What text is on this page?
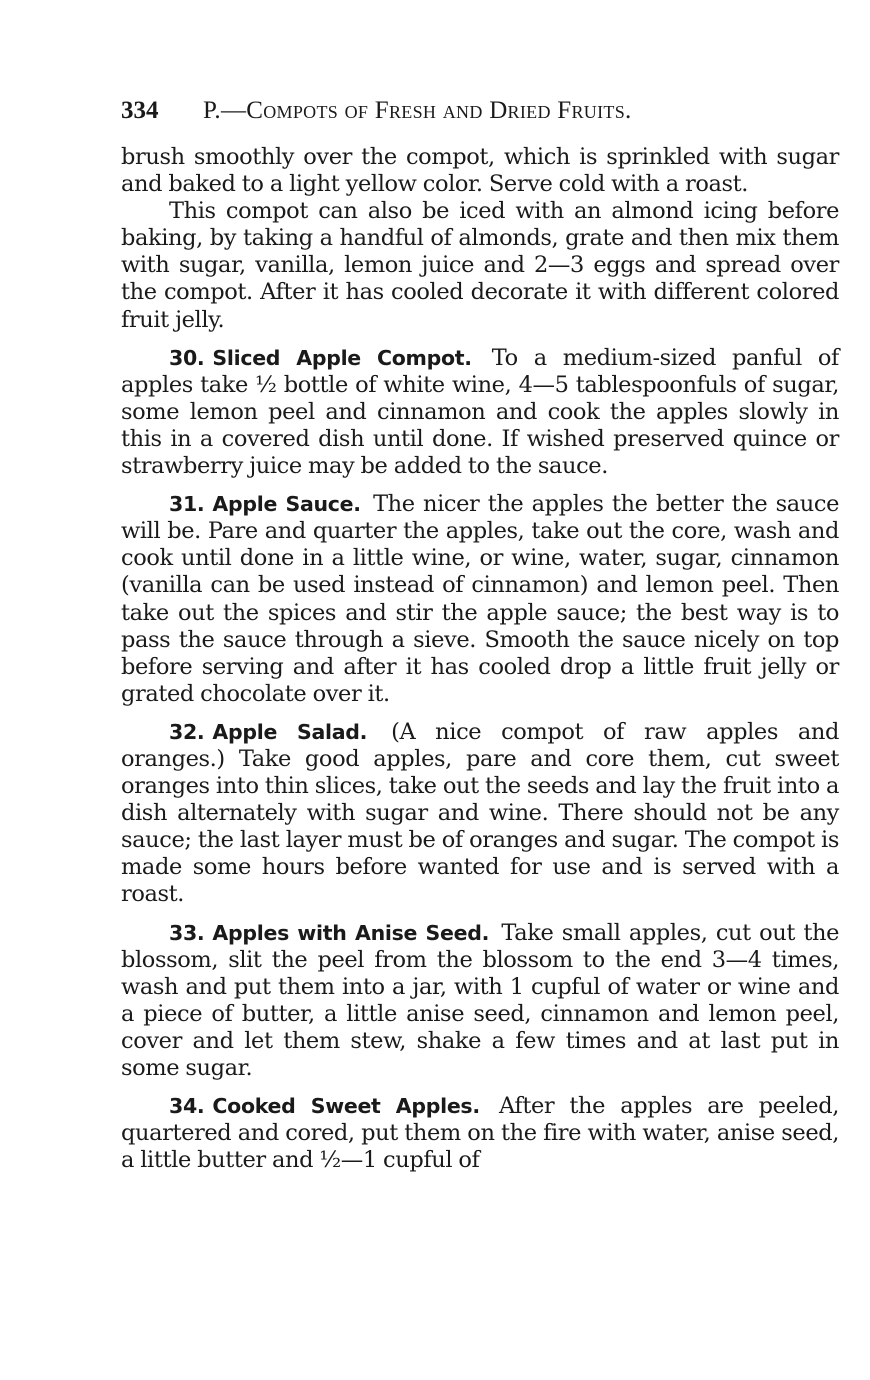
334 P.—Compots of Fresh and Dried Fruits.

brush smoothly over the compot, which is sprinkled with sugar and baked to a light yellow color. Serve cold with a roast.

This compot can also be iced with an almond icing before baking, by taking a handful of almonds, grate and then mix them with sugar, vanilla, lemon juice and 2—3 eggs and spread over the compot. After it has cooled decorate it with different colored fruit jelly.

30. Sliced Apple Compot. To a medium-sized panful of apples take ½ bottle of white wine, 4—5 tablespoonfuls of sugar, some lemon peel and cinnamon and cook the apples slowly in this in a covered dish until done. If wished preserved quince or strawberry juice may be added to the sauce.

31. Apple Sauce. The nicer the apples the better the sauce will be. Pare and quarter the apples, take out the core, wash and cook until done in a little wine, or wine, water, sugar, cinnamon (vanilla can be used instead of cinnamon) and lemon peel. Then take out the spices and stir the apple sauce; the best way is to pass the sauce through a sieve. Smooth the sauce nicely on top before serving and after it has cooled drop a little fruit jelly or grated chocolate over it.

32. Apple Salad. (A nice compot of raw apples and oranges.) Take good apples, pare and core them, cut sweet oranges into thin slices, take out the seeds and lay the fruit into a dish alternately with sugar and wine. There should not be any sauce; the last layer must be of oranges and sugar. The compot is made some hours before wanted for use and is served with a roast.

33. Apples with Anise Seed. Take small apples, cut out the blossom, slit the peel from the blossom to the end 3—4 times, wash and put them into a jar, with 1 cupful of water or wine and a piece of butter, a little anise seed, cinnamon and lemon peel, cover and let them stew, shake a few times and at last put in some sugar.

34. Cooked Sweet Apples. After the apples are peeled, quartered and cored, put them on the fire with water, anise seed, a little butter and ½—1 cupful of
